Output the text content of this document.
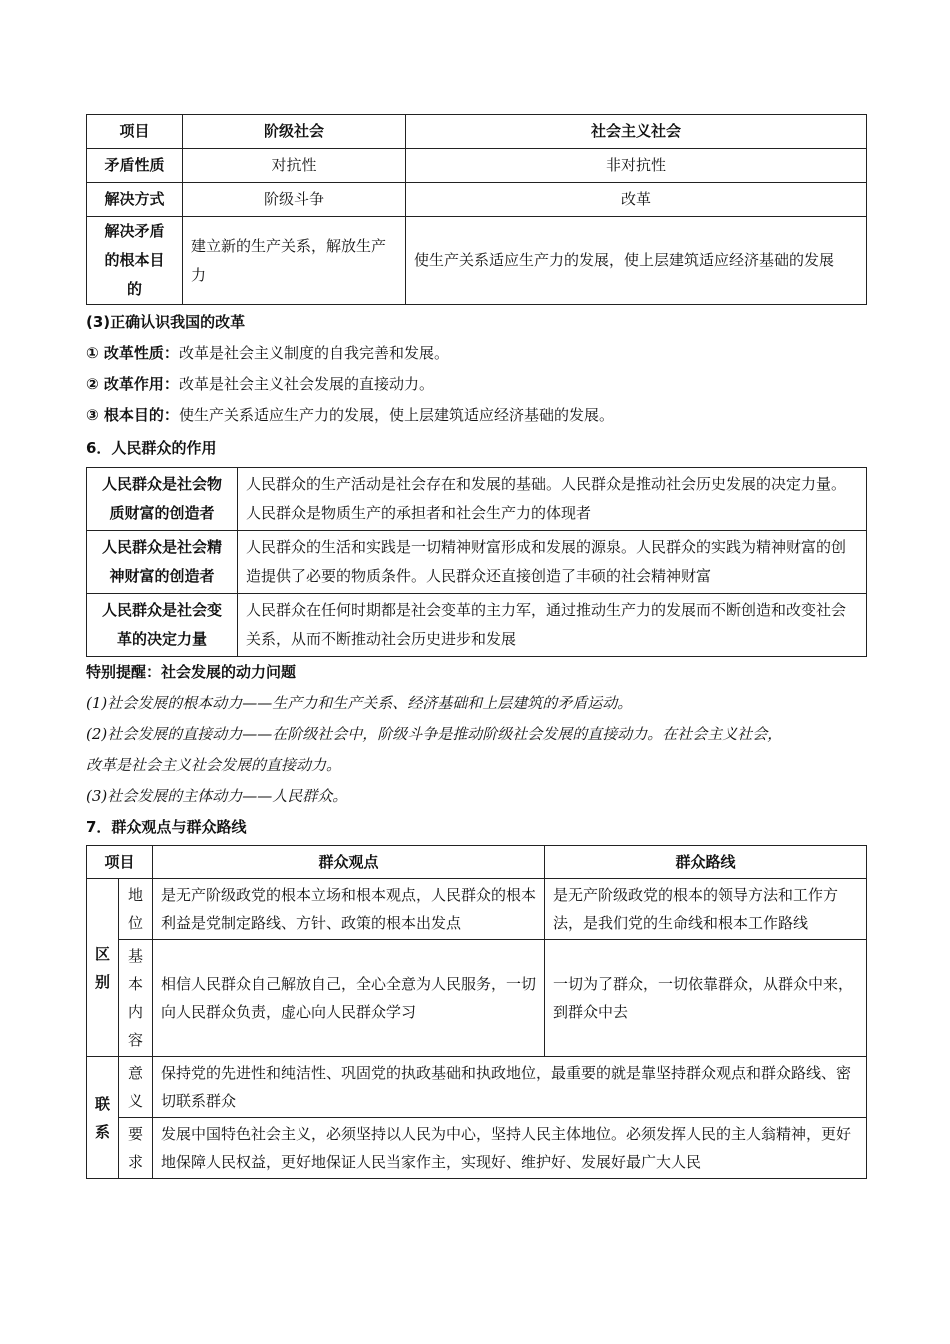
项目	阶级社会	社会主义社会
矛盾性质	对抗性	非对抗性
解决方式	阶级斗争	改革
解决矛盾的根本目的	建立新的生产关系，解放生产力	使生产关系适应生产力的发展，使上层建筑适应经济基础的发展

(3)正确认识我国的改革

① 改革性质：改革是社会主义制度的自我完善和发展。

② 改革作用：改革是社会主义社会发展的直接动力。

③ 根本目的：使生产关系适应生产力的发展，使上层建筑适应经济基础的发展。

6．人民群众的作用

人民群众是社会物质财富的创造者	人民群众的生产活动是社会存在和发展的基础。人民群众是推动社会历史发展的决定力量。人民群众是物质生产的承担者和社会生产力的体现者
人民群众是社会精神财富的创造者	人民群众的生活和实践是一切精神财富形成和发展的源泉。人民群众的实践为精神财富的创造提供了必要的物质条件。人民群众还直接创造了丰硕的社会精神财富
人民群众是社会变革的决定力量	人民群众在任何时期都是社会变革的主力军，通过推动生产力的发展而不断创造和改变社会关系，从而不断推动社会历史进步和发展

特别提醒：社会发展的动力问题

(1)社会发展的根本动力——生产力和生产关系、经济基础和上层建筑的矛盾运动。

(2)社会发展的直接动力——在阶级社会中，阶级斗争是推动阶级社会发展的直接动力。在社会主义社会，

改革是社会主义社会发展的直接动力。

(3)社会发展的主体动力——人民群众。

7．群众观点与群众路线

项目		群众观点	群众路线
区别	地位	是无产阶级政党的根本立场和根本观点，人民群众的根本利益是党制定路线、方针、政策的根本出发点	是无产阶级政党的根本的领导方法和工作方法，是我们党的生命线和根本工作路线
	基本内容	相信人民群众自己解放自己，全心全意为人民服务，一切向人民群众负责，虚心向人民群众学习	一切为了群众，一切依靠群众，从群众中来，到群众中去
联系	意义	保持党的先进性和纯洁性、巩固党的执政基础和执政地位，最重要的就是靠坚持群众观点和群众路线、密切联系群众	
	要求	发展中国特色社会主义，必须坚持以人民为中心，坚持人民主体地位。必须发挥人民的主人翁精神，更好地保障人民权益，更好地保证人民当家作主，实现好、维护好、发展好最广大人民	
